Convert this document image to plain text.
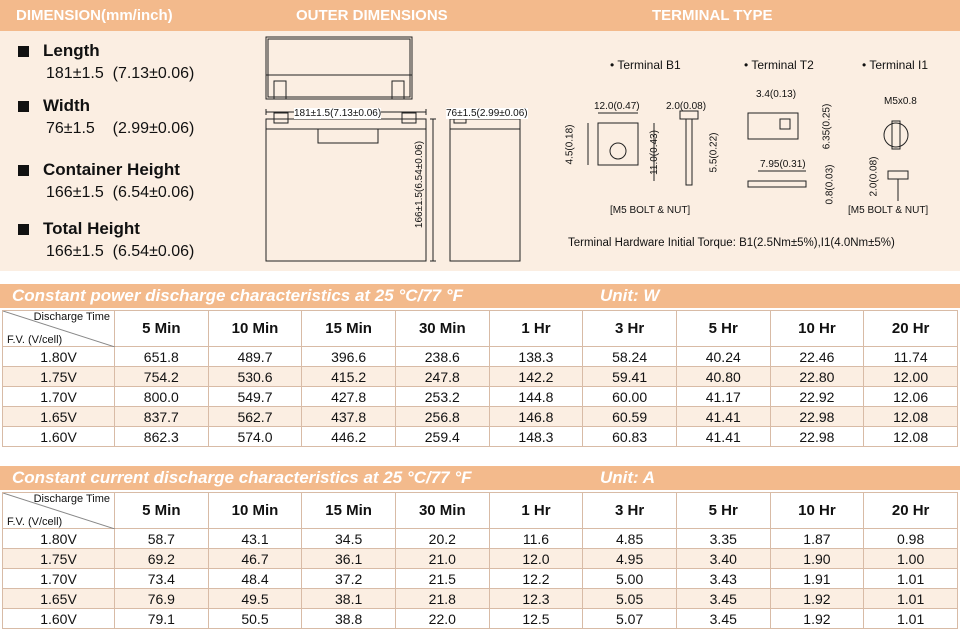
DIMENSION(mm/inch)	OUTER DIMENSIONS	TERMINAL TYPE
Length
181±1.5 (7.13±0.06)
Width
76±1.5 (2.99±0.06)
Container Height
166±1.5 (6.54±0.06)
Total Height
166±1.5 (6.54±0.06)
181±1.5(7.13±0.06)	76±1.5(2.99±0.06)
166±1.5(6.54±0.06)
• Terminal B1	• Terminal T2	• Terminal I1
12.0(0.47)	2.0(0.08)
4.5(0.18)	11.0(0.43)	5.5(0.22)
[M5 BOLT & NUT]
3.4(0.13)
6.35(0.25)
7.95(0.31) 0.8(0.03)
M5x0.8
2.0(0.08)
[M5 BOLT & NUT]
Terminal Hardware Initial Torque: B1(2.5Nm±5%),I1(4.0Nm±5%)
Constant power discharge characteristics at 25 °C/77 °F	Unit: W
Discharge Time
F.V. (V/cell)	5 Min	10 Min	15 Min	30 Min	1 Hr	3 Hr	5 Hr	10 Hr	20 Hr
1.80V	651.8	489.7	396.6	238.6	138.3	58.24	40.24	22.46	11.74
1.75V	754.2	530.6	415.2	247.8	142.2	59.41	40.80	22.80	12.00
1.70V	800.0	549.7	427.8	253.2	144.8	60.00	41.17	22.92	12.06
1.65V	837.7	562.7	437.8	256.8	146.8	60.59	41.41	22.98	12.08
1.60V	862.3	574.0	446.2	259.4	148.3	60.83	41.41	22.98	12.08
Constant current discharge characteristics at 25 °C/77 °F	Unit: A
Discharge Time
F.V. (V/cell)	5 Min	10 Min	15 Min	30 Min	1 Hr	3 Hr	5 Hr	10 Hr	20 Hr
1.80V	58.7	43.1	34.5	20.2	11.6	4.85	3.35	1.87	0.98
1.75V	69.2	46.7	36.1	21.0	12.0	4.95	3.40	1.90	1.00
1.70V	73.4	48.4	37.2	21.5	12.2	5.00	3.43	1.91	1.01
1.65V	76.9	49.5	38.1	21.8	12.3	5.05	3.45	1.92	1.01
1.60V	79.1	50.5	38.8	22.0	12.5	5.07	3.45	1.92	1.01
